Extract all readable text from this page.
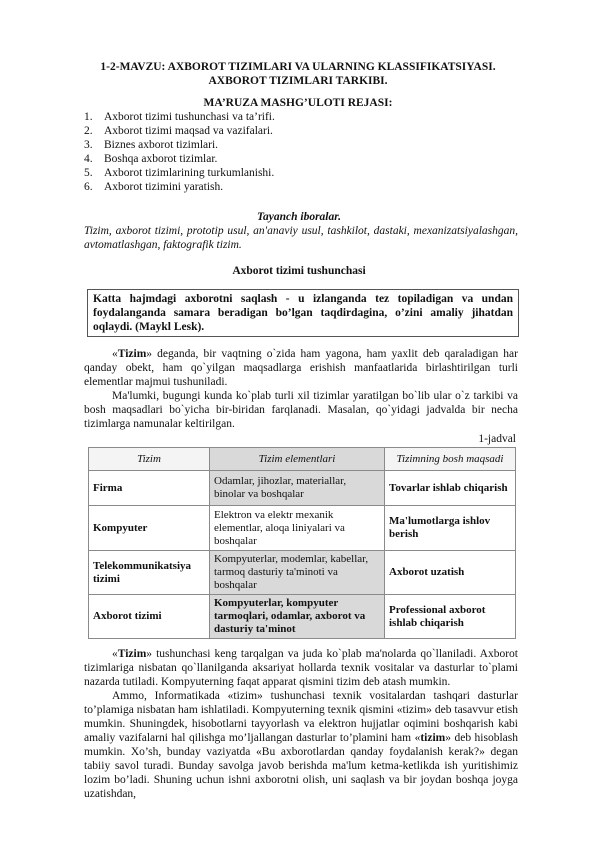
1-2-MAVZU: AXBOROT TIZIMLARI VA ULARNING KLASSIFIKATSIYASI.
AXBOROT TIZIMLARI TARKIBI.
MA’RUZA MASHG’ULOTI REJASI:
1. Axborot tizimi tushunchasi va ta’rifi.
2. Axborot tizimi maqsad va vazifalari.
3. Biznes axborot tizimlari.
4. Boshqa axborot tizimlar.
5. Axborot tizimlarining turkumlanishi.
6. Axborot tizimini yaratish.
Tayanch iboralar.
Tizim, axborot tizimi, prototip usul, an'anaviy usul, tashkilot, dastaki, mexanizatsiyalashgan, avtomatlashgan, faktografik tizim.
Axborot tizimi tushunchasi
Katta hajmdagi axborotni saqlash - u izlanganda tez topiladigan va undan foydalanganda samara beradigan bo’lgan taqdirdagina, o’zini amaliy jihatdan oqlaydi. (Maykl Lesk).
«Tizim» deganda, bir vaqtning o`zida ham yagona, ham yaxlit deb qaraladigan har qanday obekt, ham qo`yilgan maqsadlarga erishish manfaatlarida birlashtirilgan turli elementlar majmui tushuniladi.
Ma'lumki, bugungi kunda ko`plab turli xil tizimlar yaratilgan bo`lib ular o`z tarkibi va bosh maqsadlari bo`yicha bir-biridan farqlanadi. Masalan, qo`yidagi jadvalda bir necha tizimlarga namunalar keltirilgan.
1-jadval
Tizim	Tizim elementlari	Tizimning bosh maqsadi
Firma	Odamlar, jihozlar, materiallar, binolar va boshqalar	Tovarlar ishlab chiqarish
Kompyuter	Elektron va elektr mexanik elementlar, aloqa liniyalari va boshqalar	Ma'lumotlarga ishlov berish
Telekommunikatsiya tizimi	Kompyuterlar, modemlar, kabellar, tarmoq dasturiy ta'minoti va boshqalar	Axborot uzatish
Axborot tizimi	Kompyuterlar, kompyuter tarmoqlari, odamlar, axborot va dasturiy ta'minot	Professional axborot ishlab chiqarish
«Tizim» tushunchasi keng tarqalgan va juda ko`plab ma'nolarda qo`llaniladi. Axborot tizimlariga nisbatan qo`llanilganda aksariyat hollarda texnik vositalar va dasturlar to`plami nazarda tutiladi. Kompyuterning faqat apparat qismini tizim deb atash mumkin.
Ammo, Informatikada «tizim» tushunchasi texnik vositalardan tashqari dasturlar to’plamiga nisbatan ham ishlatiladi. Kompyuterning texnik qismini «tizim» deb tasavvur etish mumkin. Shuningdek, hisobotlarni tayyorlash va elektron hujjatlar oqimini boshqarish kabi amaliy vazifalarni hal qilishga mo’ljallangan dasturlar to’plamini ham «tizim» deb hisoblash mumkin. Xo’sh, bunday vaziyatda «Bu axborotlardan qanday foydalanish kerak?» degan tabiiy savol turadi. Bunday savolga javob berishda ma'lum ketma-ketlikda ish yuritishimiz lozim bo’ladi. Shuning uchun ishni axborotni olish, uni saqlash va bir joydan boshqa joyga uzatishdan,
